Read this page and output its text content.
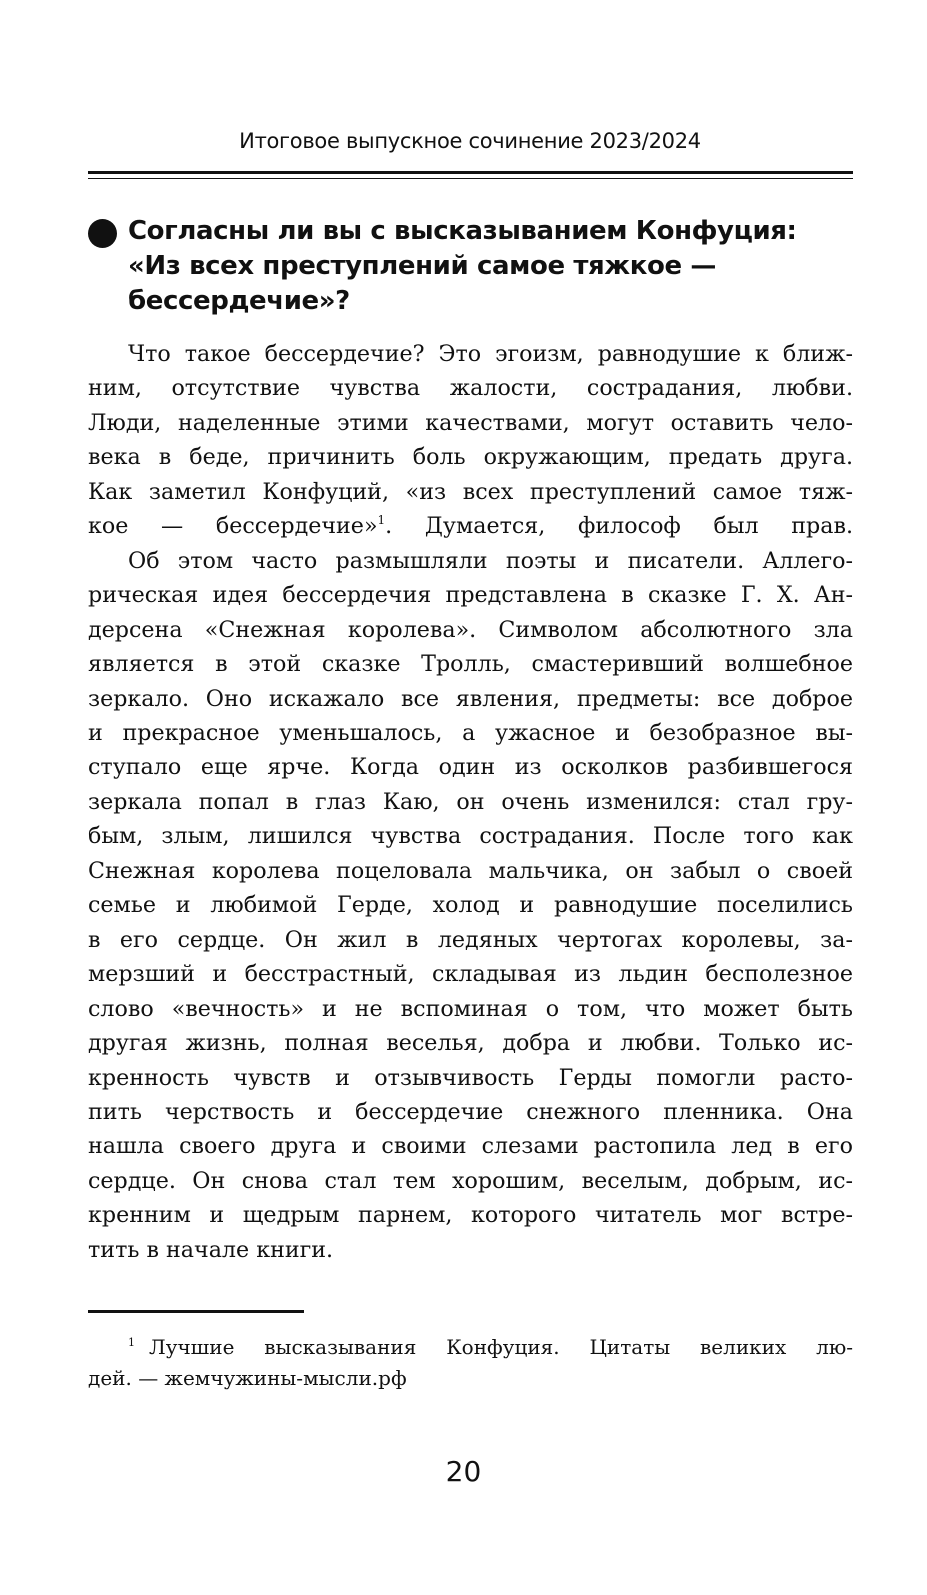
Итоговое выпускное сочинение 2023/2024
Согласны ли вы с высказыванием Конфуция:
«Из всех преступлений самое тяжкое —
бессердечие»?

Что такое бессердечие? Это эгоизм, равнодушие к ближ-
ним, отсутствие чувства жалости, сострадания, любви.
Люди, наделенные этими качествами, могут оставить чело-
века в беде, причинить боль окружающим, предать друга.
Как заметил Конфуций, «из всех преступлений самое тяж-
кое — бессердечие»$^1$. Думается, философ был прав.

Об этом часто размышляли поэты и писатели. Аллего-
рическая идея бессердечия представлена в сказке Г. Х. Ан-
дерсена «Снежная королева». Символом абсолютного зла
является в этой сказке Тролль, смастеривший волшебное
зеркало. Оно искажало все явления, предметы: все доброе
и прекрасное уменьшалось, а ужасное и безобразное вы-
ступало еще ярче. Когда один из осколков разбившегося
зеркала попал в глаз Каю, он очень изменился: стал гру-
бым, злым, лишился чувства сострадания. После того как
Снежная королева поцеловала мальчика, он забыл о своей
семье и любимой Герде, холод и равнодушие поселились
в его сердце. Он жил в ледяных чертогах королевы, за-
мерзший и бесстрастный, складывая из льдин бесполезное
слово «вечность» и не вспоминая о том, что может быть
другая жизнь, полная веселья, добра и любви. Только ис-
кренность чувств и отзывчивость Герды помогли расто-
пить черствость и бессердечие снежного пленника. Она
нашла своего друга и своими слезами растопила лед в его
сердце. Он снова стал тем хорошим, веселым, добрым, ис-
кренним и щедрым парнем, которого читатель мог встре-
тить в начале книги.

$^1$ Лучшие высказывания Конфуция. Цитаты великих лю-
дей. — жемчужины-мысли.рф

20
